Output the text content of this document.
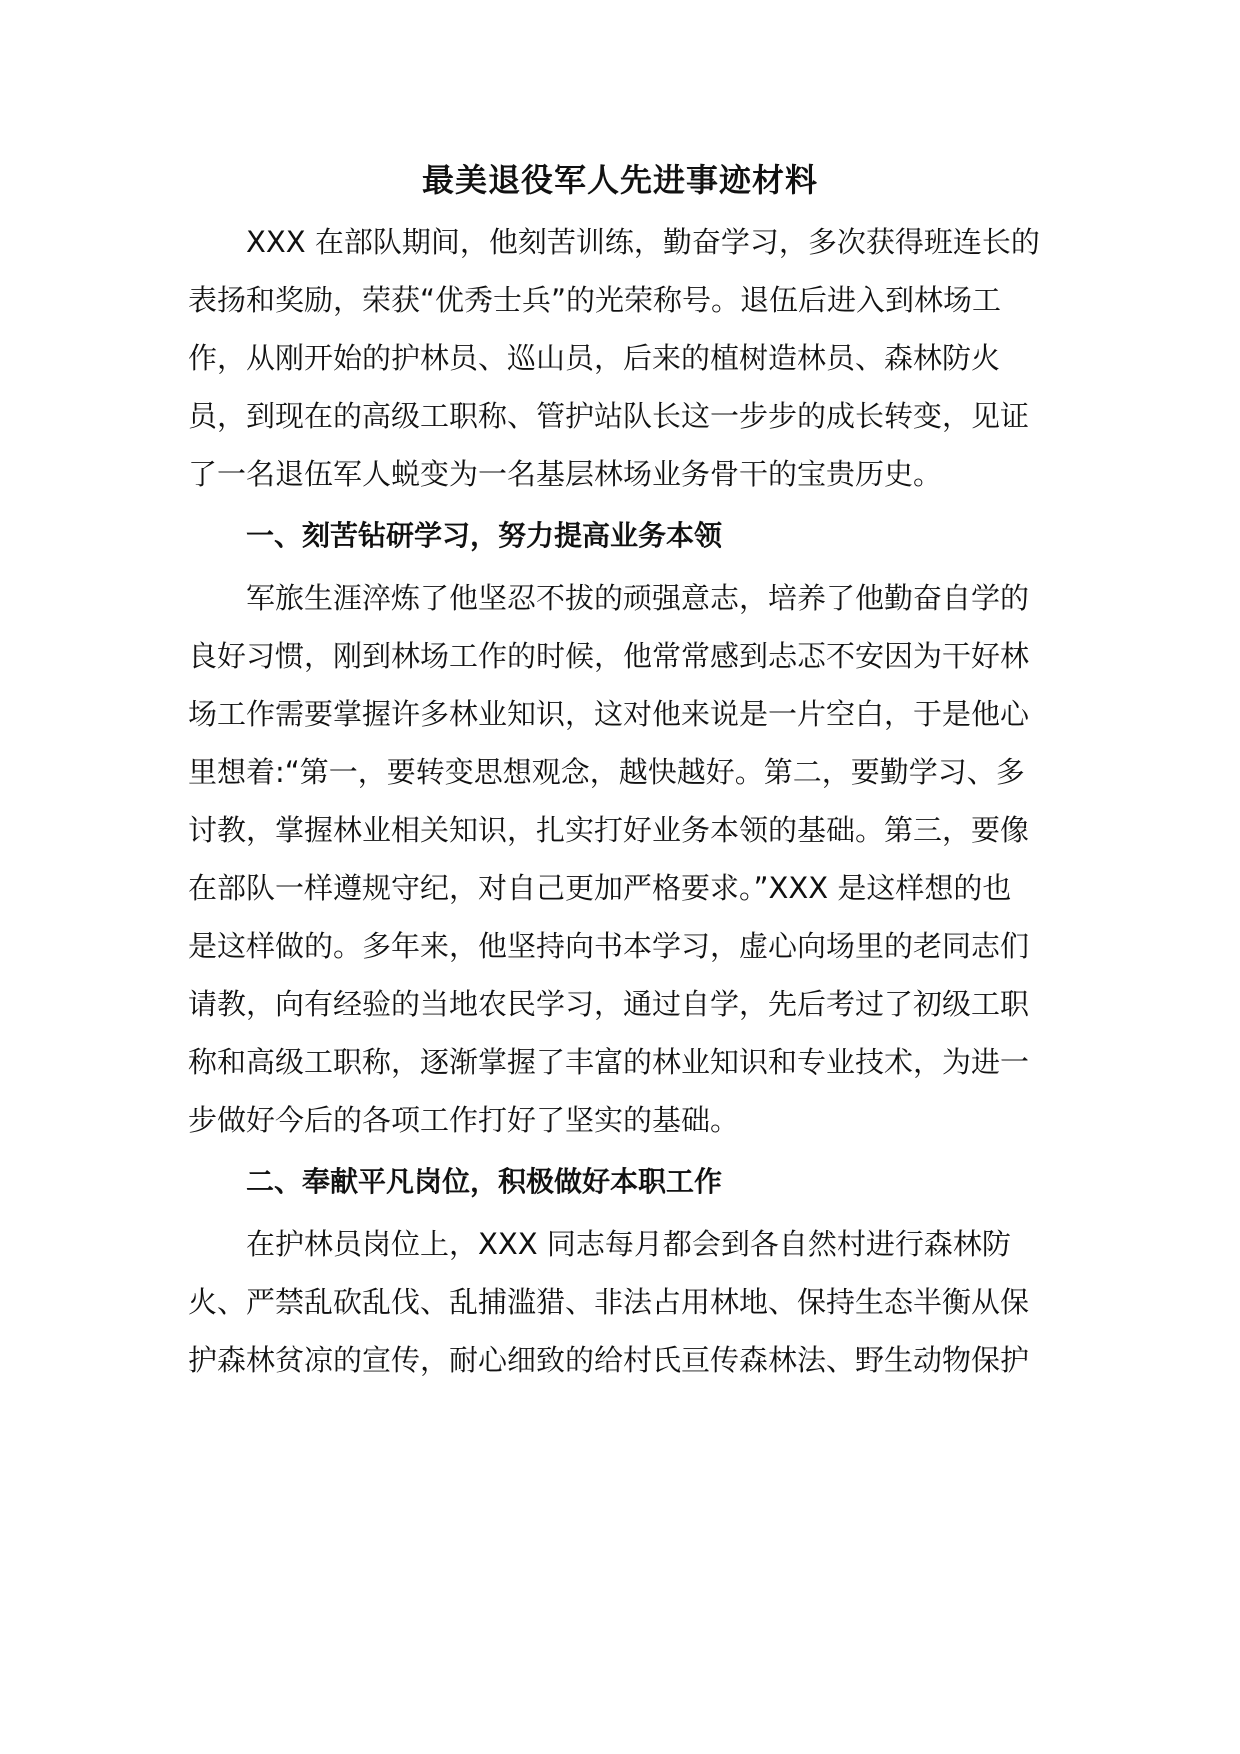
最美退役军人先进事迹材料
XXX 在部队期间，他刻苦训练，勤奋学习，多次获得班连长的
表扬和奖励，荣获“优秀士兵”的光荣称号。退伍后进入到林场工
作，从刚开始的护林员、巡山员，后来的植树造林员、森林防火
员，到现在的高级工职称、管护站队长这一步步的成长转变，见证
了一名退伍军人蜕变为一名基层林场业务骨干的宝贵历史。
一、刻苦钻研学习，努力提高业务本领
军旅生涯淬炼了他坚忍不拔的顽强意志，培养了他勤奋自学的
良好习惯，刚到林场工作的时候，他常常感到忐忑不安因为干好林
场工作需要掌握许多林业知识，这对他来说是一片空白，于是他心
里想着:“第一，要转变思想观念，越快越好。第二，要勤学习、多
讨教，掌握林业相关知识，扎实打好业务本领的基础。第三，要像
在部队一样遵规守纪，对自己更加严格要求。”XXX 是这样想的也
是这样做的。多年来，他坚持向书本学习，虚心向场里的老同志们
请教，向有经验的当地农民学习，通过自学，先后考过了初级工职
称和高级工职称，逐渐掌握了丰富的林业知识和专业技术，为进一
步做好今后的各项工作打好了坚实的基础。
二、奉献平凡岗位，积极做好本职工作
在护林员岗位上，XXX 同志每月都会到各自然村进行森林防
火、严禁乱砍乱伐、乱捕滥猎、非法占用林地、保持生态半衡从保
护森林贫凉的宣传，耐心细致的给村氏亘传森林法、野生动物保护
